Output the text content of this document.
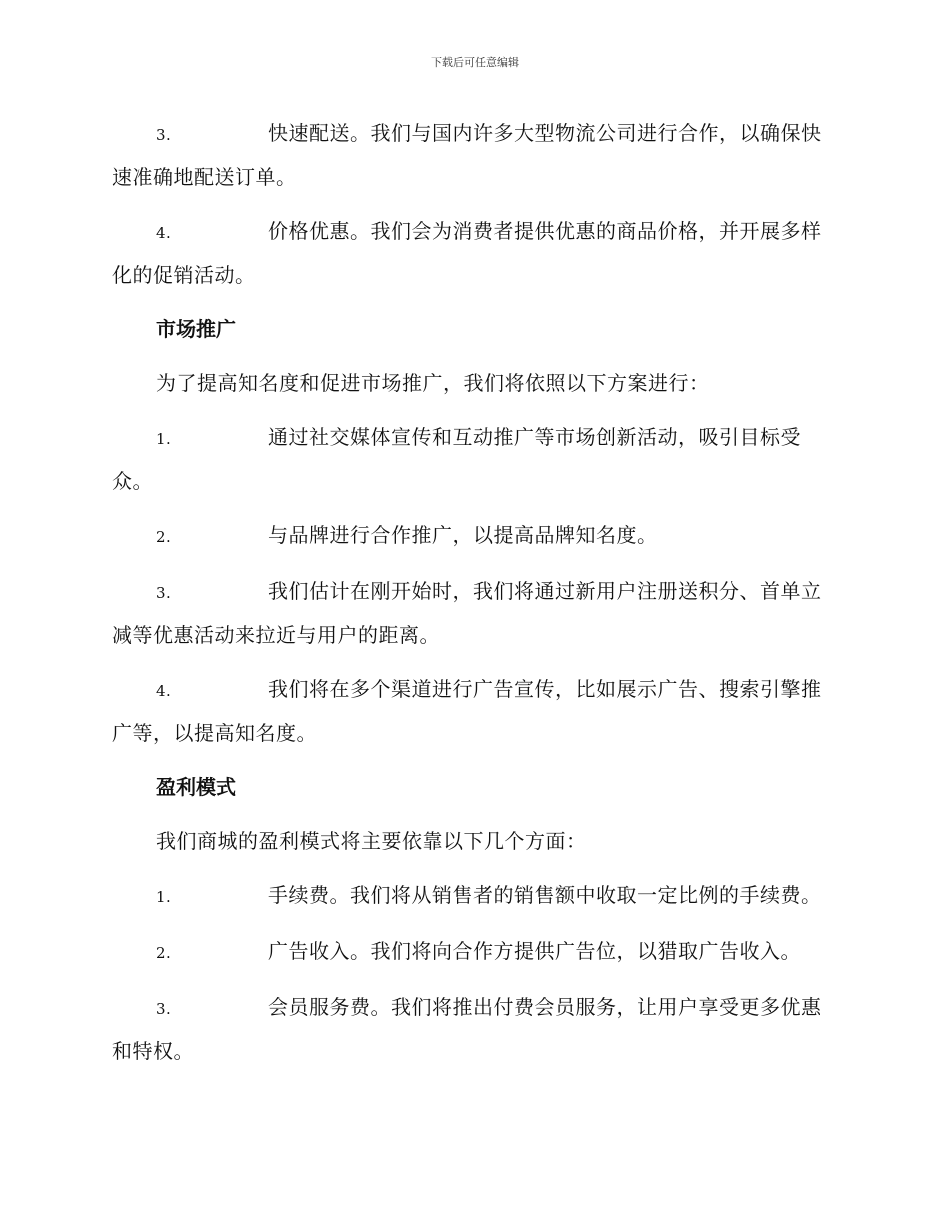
下载后可任意编辑

3.	快速配送。我们与国内许多大型物流公司进行合作，以确保快速准确地配送订单。

4.	价格优惠。我们会为消费者提供优惠的商品价格，并开展多样化的促销活动。

市场推广

为了提高知名度和促进市场推广，我们将依照以下方案进行：

1.	通过社交媒体宣传和互动推广等市场创新活动，吸引目标受众。

2.	与品牌进行合作推广，以提高品牌知名度。

3.	我们估计在刚开始时，我们将通过新用户注册送积分、首单立减等优惠活动来拉近与用户的距离。

4.	我们将在多个渠道进行广告宣传，比如展示广告、搜索引擎推广等，以提高知名度。

盈利模式

我们商城的盈利模式将主要依靠以下几个方面：

1.	手续费。我们将从销售者的销售额中收取一定比例的手续费。

2.	广告收入。我们将向合作方提供广告位，以猎取广告收入。

3.	会员服务费。我们将推出付费会员服务，让用户享受更多优惠和特权。
